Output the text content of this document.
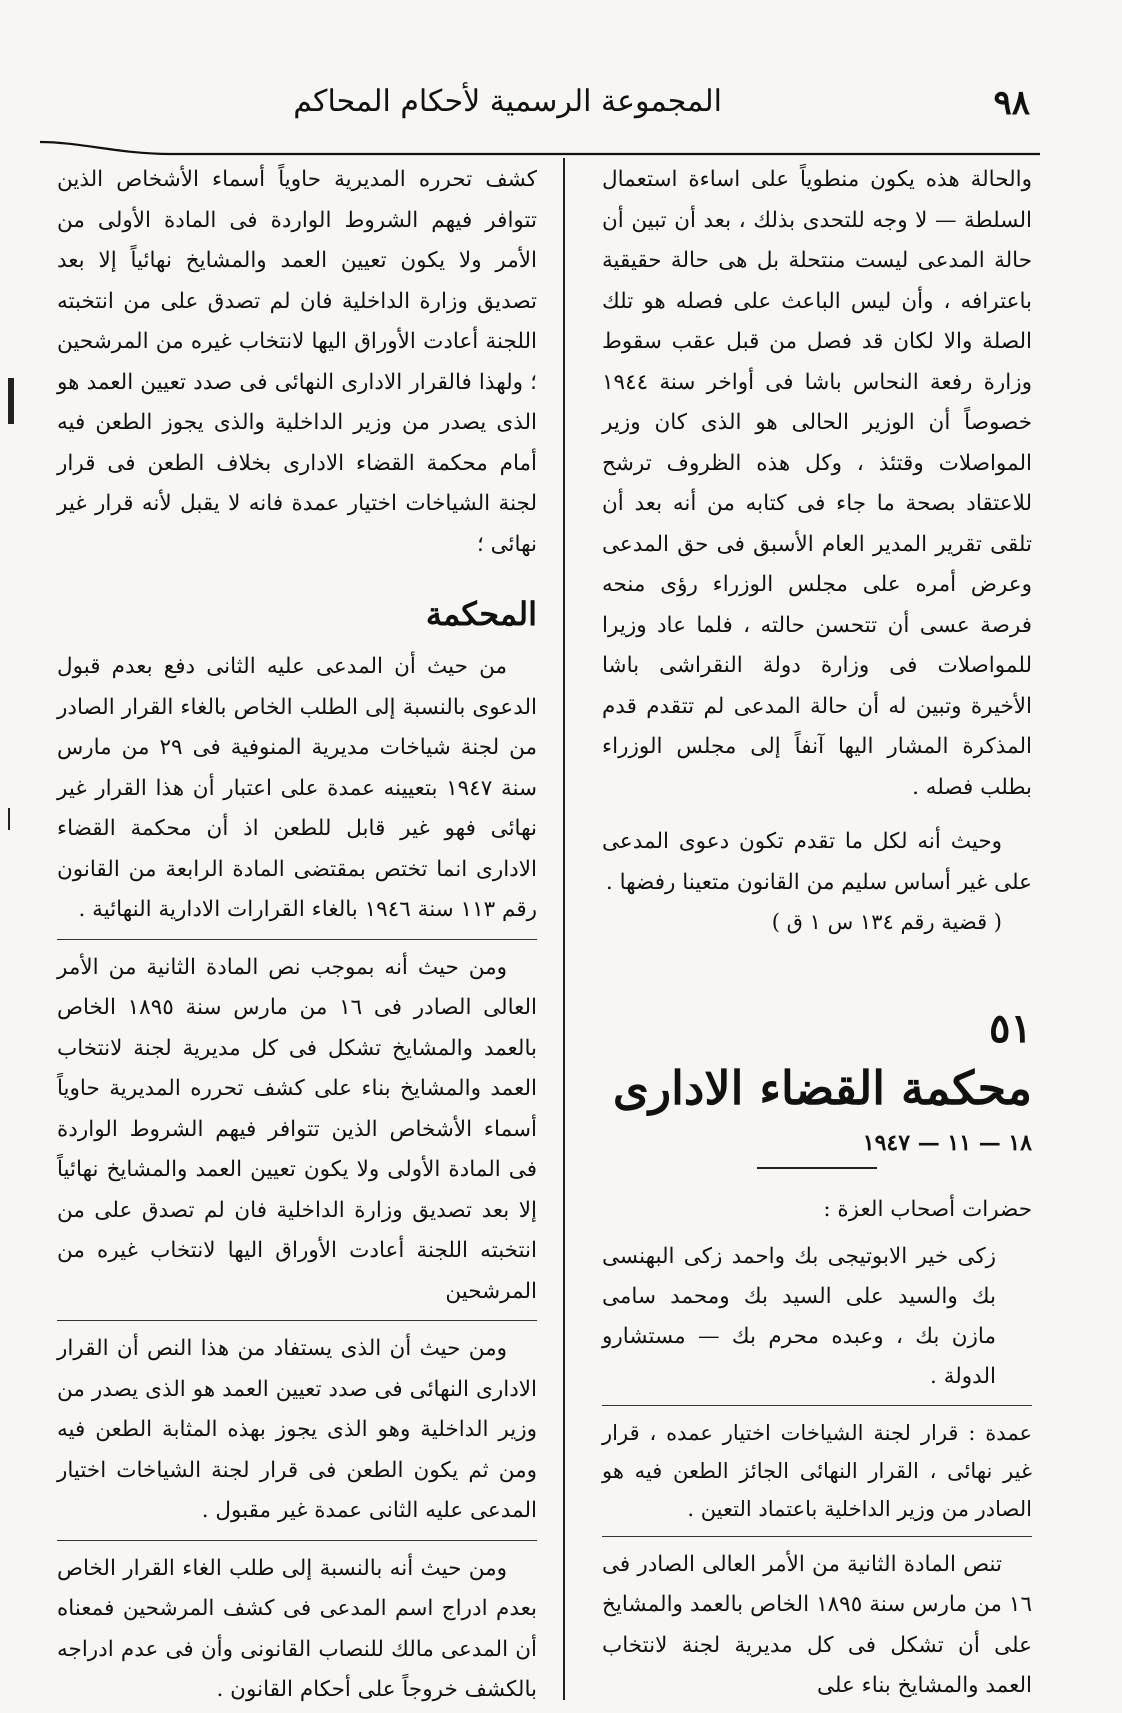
٩٨
المجموعة الرسمية لأحكام المحاكم

والحالة هذه يكون منطوياً على اساءة استعمال السلطة — لا وجه للتحدى بذلك ، بعد أن تبين أن حالة المدعى ليست منتحلة بل هى حالة حقيقية باعترافه ، وأن ليس الباعث على فصله هو تلك الصلة والا لكان قد فصل من قبل عقب سقوط وزارة رفعة النحاس باشا فى أواخر سنة ١٩٤٤ خصوصاً أن الوزير الحالى هو الذى كان وزير المواصلات وقتئذ ، وكل هذه الظروف ترشح للاعتقاد بصحة ما جاء فى كتابه من أنه بعد أن تلقى تقرير المدير العام الأسبق فى حق المدعى وعرض أمره على مجلس الوزراء رؤى منحه فرصة عسى أن تتحسن حالته ، فلما عاد وزيرا للمواصلات فى وزارة دولة النقراشى باشا الأخيرة وتبين له أن حالة المدعى لم تتقدم قدم المذكرة المشار اليها آنفاً إلى مجلس الوزراء بطلب فصله .

وحيث أنه لكل ما تقدم تكون دعوى المدعى على غير أساس سليم من القانون متعينا رفضها .

( قضية رقم ١٣٤ س ١ ق )

٥١
محكمة القضاء الادارى
١٨ — ١١ — ١٩٤٧

حضرات أصحاب العزة :

زكى خير الابوتيجى بك واحمد زكى البهنسى بك والسيد على السيد بك ومحمد سامى مازن بك ، وعبده محرم بك — مستشارو الدولة .

عمدة : قرار لجنة الشياخات اختيار عمده ، قرار غير نهائى ، القرار النهائى الجائز الطعن فيه هو الصادر من وزير الداخلية باعتماد التعين .

تنص المادة الثانية من الأمر العالى الصادر فى ١٦ من مارس سنة ١٨٩٥ الخاص بالعمد والمشايخ على أن تشكل فى كل مديرية لجنة لانتخاب العمد والمشايخ بناء على

كشف تحرره المديرية حاوياً أسماء الأشخاص الذين تتوافر فيهم الشروط الواردة فى المادة الأولى من الأمر ولا يكون تعيين العمد والمشايخ نهائياً إلا بعد تصديق وزارة الداخلية فان لم تصدق على من انتخبته اللجنة أعادت الأوراق اليها لانتخاب غيره من المرشحين ؛ ولهذا فالقرار الادارى النهائى فى صدد تعيين العمد هو الذى يصدر من وزير الداخلية والذى يجوز الطعن فيه أمام محكمة القضاء الادارى بخلاف الطعن فى قرار لجنة الشياخات اختيار عمدة فانه لا يقبل لأنه قرار غير نهائى ؛

المحكمة

من حيث أن المدعى عليه الثانى دفع بعدم قبول الدعوى بالنسبة إلى الطلب الخاص بالغاء القرار الصادر من لجنة شياخات مديرية المنوفية فى ٢٩ من مارس سنة ١٩٤٧ بتعيينه عمدة على اعتبار أن هذا القرار غير نهائى فهو غير قابل للطعن اذ أن محكمة القضاء الادارى انما تختص بمقتضى المادة الرابعة من القانون رقم ١١٣ سنة ١٩٤٦ بالغاء القرارات الادارية النهائية .

ومن حيث أنه بموجب نص المادة الثانية من الأمر العالى الصادر فى ١٦ من مارس سنة ١٨٩٥ الخاص بالعمد والمشايخ تشكل فى كل مديرية لجنة لانتخاب العمد والمشايخ بناء على كشف تحرره المديرية حاوياً أسماء الأشخاص الذين تتوافر فيهم الشروط الواردة فى المادة الأولى ولا يكون تعيين العمد والمشايخ نهائياً إلا بعد تصديق وزارة الداخلية فان لم تصدق على من انتخبته اللجنة أعادت الأوراق اليها لانتخاب غيره من المرشحين

ومن حيث أن الذى يستفاد من هذا النص أن القرار الادارى النهائى فى صدد تعيين العمد هو الذى يصدر من وزير الداخلية وهو الذى يجوز بهذه المثابة الطعن فيه ومن ثم يكون الطعن فى قرار لجنة الشياخات اختيار المدعى عليه الثانى عمدة غير مقبول .

ومن حيث أنه بالنسبة إلى طلب الغاء القرار الخاص بعدم ادراج اسم المدعى فى كشف المرشحين فمعناه أن المدعى مالك للنصاب القانونى وأن فى عدم ادراجه بالكشف خروجاً على أحكام القانون .
